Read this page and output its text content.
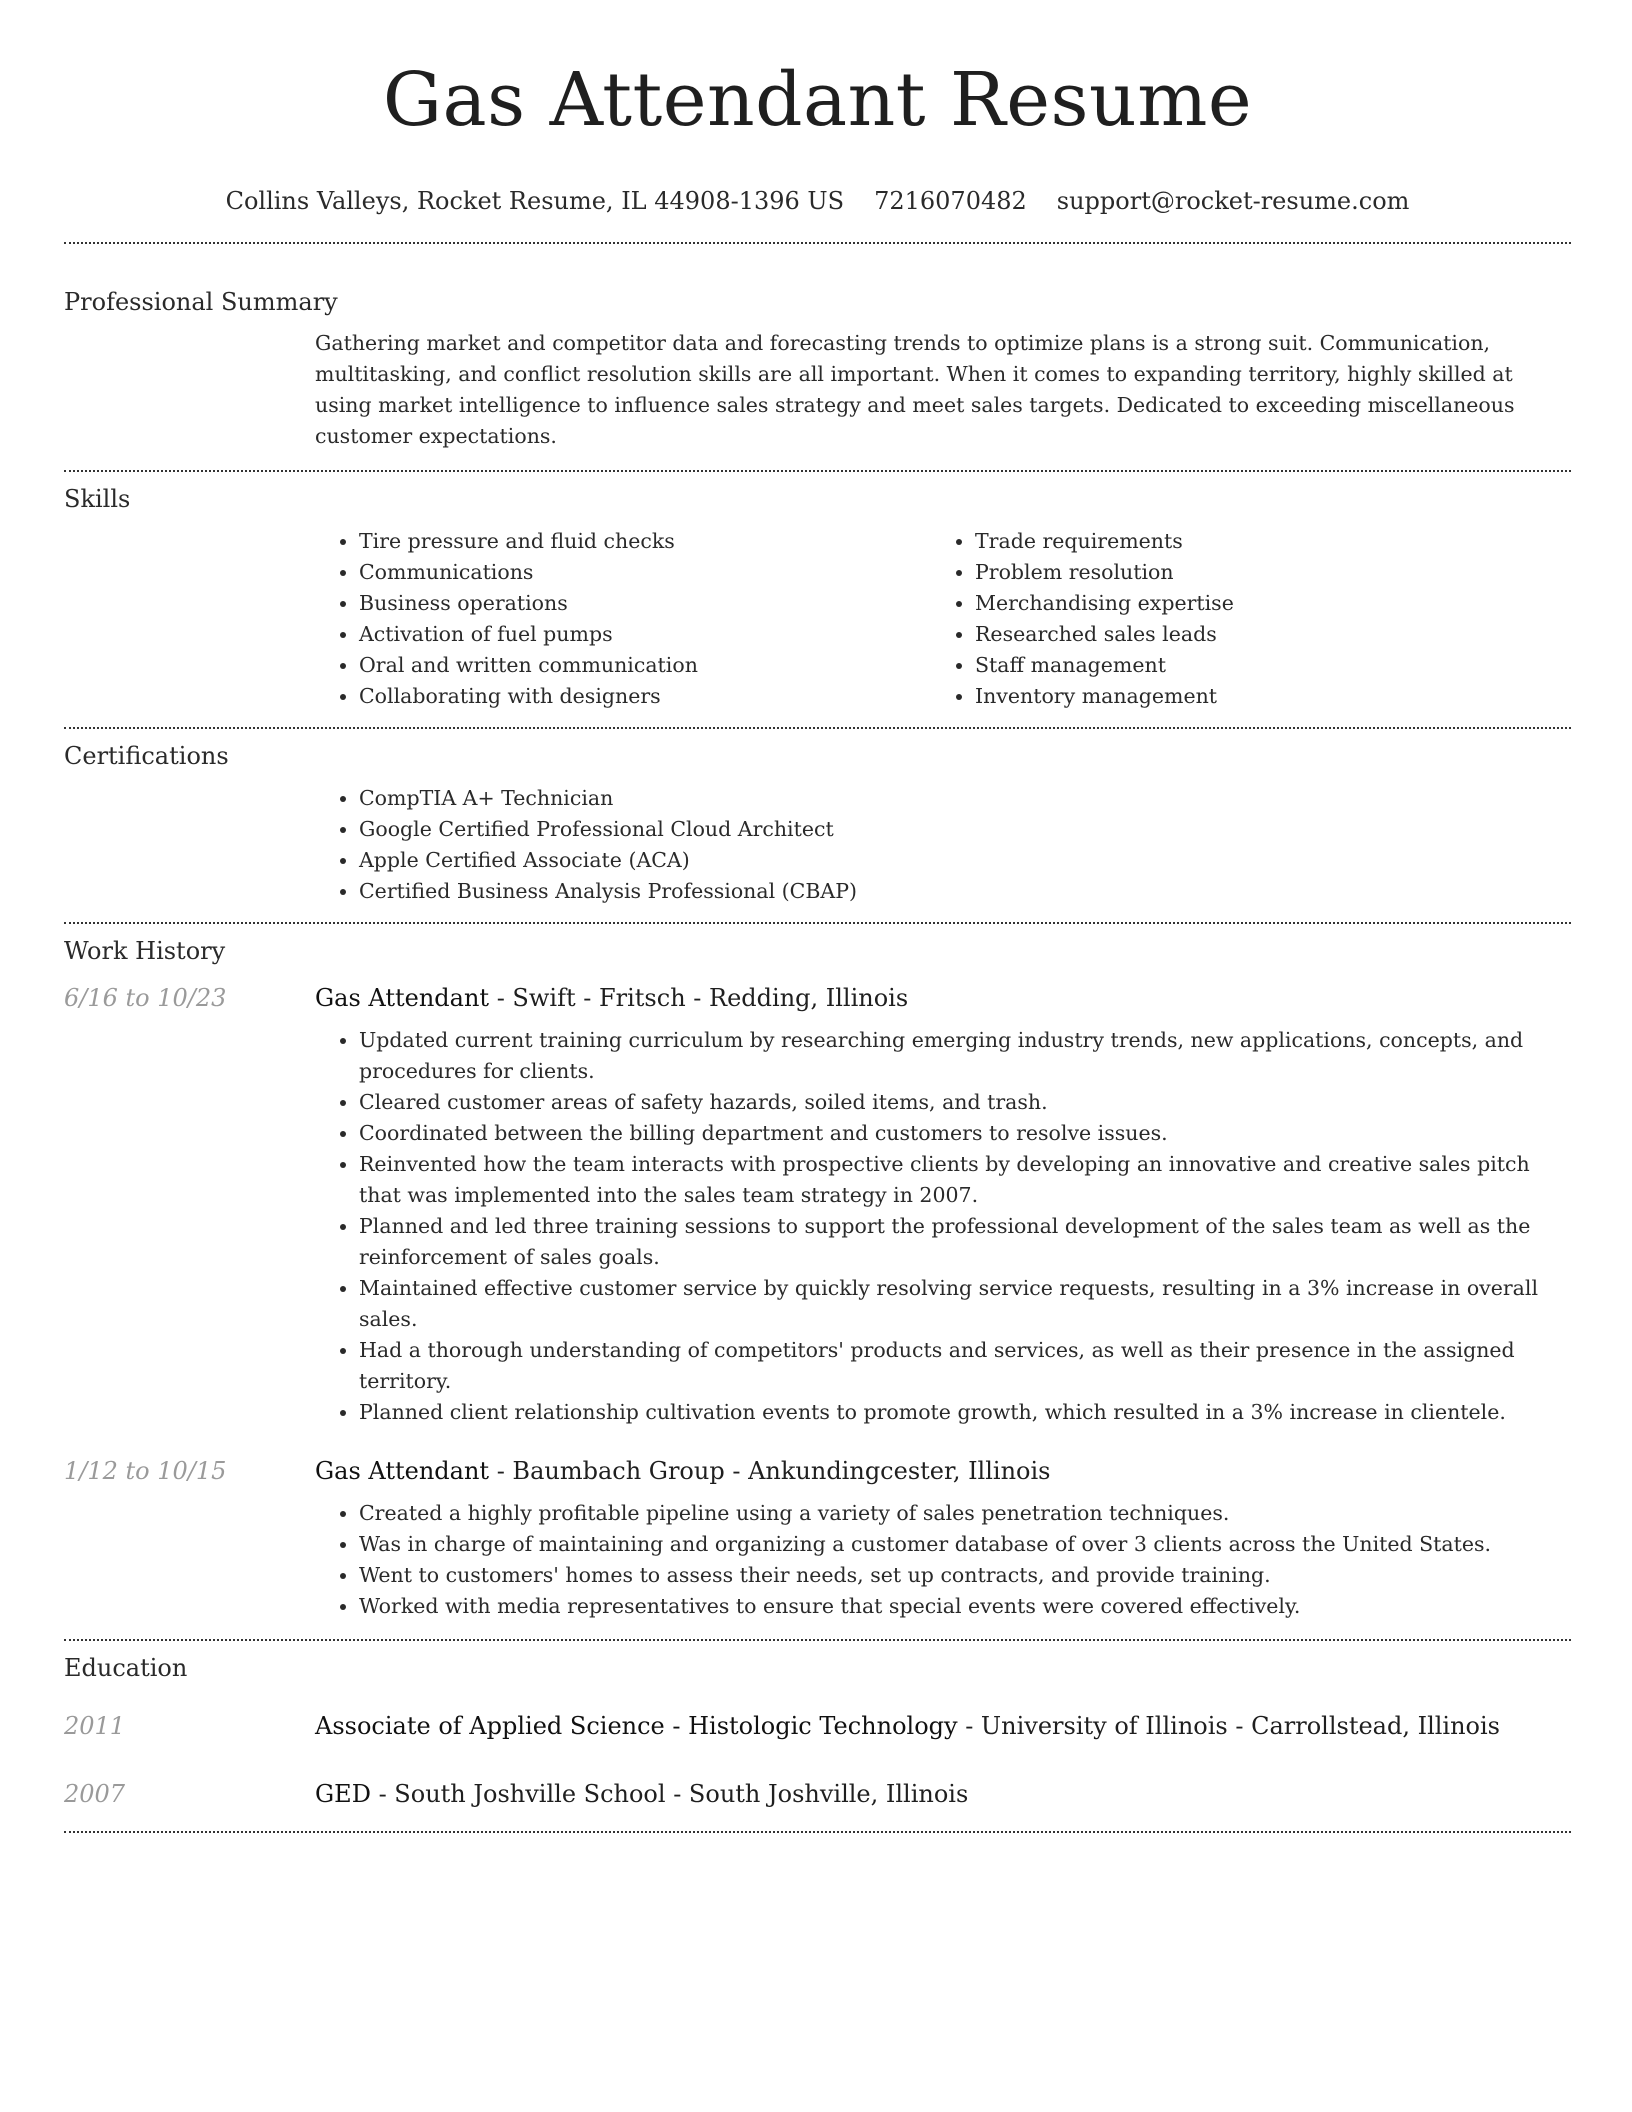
Gas Attendant Resume
Collins Valleys, Rocket Resume, IL 44908-1396 US 7216070482 support@rocket-resume.com
Professional Summary
Gathering market and competitor data and forecasting trends to optimize plans is a strong suit. Communication, multitasking, and conflict resolution skills are all important. When it comes to expanding territory, highly skilled at using market intelligence to influence sales strategy and meet sales targets. Dedicated to exceeding miscellaneous customer expectations.
Skills
• Tire pressure and fluid checks
• Communications
• Business operations
• Activation of fuel pumps
• Oral and written communication
• Collaborating with designers
• Trade requirements
• Problem resolution
• Merchandising expertise
• Researched sales leads
• Staff management
• Inventory management
Certifications
• CompTIA A+ Technician
• Google Certified Professional Cloud Architect
• Apple Certified Associate (ACA)
• Certified Business Analysis Professional (CBAP)
Work History
6/16 to 10/23	Gas Attendant - Swift - Fritsch - Redding, Illinois
• Updated current training curriculum by researching emerging industry trends, new applications, concepts, and procedures for clients.
• Cleared customer areas of safety hazards, soiled items, and trash.
• Coordinated between the billing department and customers to resolve issues.
• Reinvented how the team interacts with prospective clients by developing an innovative and creative sales pitch that was implemented into the sales team strategy in 2007.
• Planned and led three training sessions to support the professional development of the sales team as well as the reinforcement of sales goals.
• Maintained effective customer service by quickly resolving service requests, resulting in a 3% increase in overall sales.
• Had a thorough understanding of competitors' products and services, as well as their presence in the assigned territory.
• Planned client relationship cultivation events to promote growth, which resulted in a 3% increase in clientele.
1/12 to 10/15	Gas Attendant - Baumbach Group - Ankundingcester, Illinois
• Created a highly profitable pipeline using a variety of sales penetration techniques.
• Was in charge of maintaining and organizing a customer database of over 3 clients across the United States.
• Went to customers' homes to assess their needs, set up contracts, and provide training.
• Worked with media representatives to ensure that special events were covered effectively.
Education
2011	Associate of Applied Science - Histologic Technology - University of Illinois - Carrollstead, Illinois
2007	GED - South Joshville School - South Joshville, Illinois
